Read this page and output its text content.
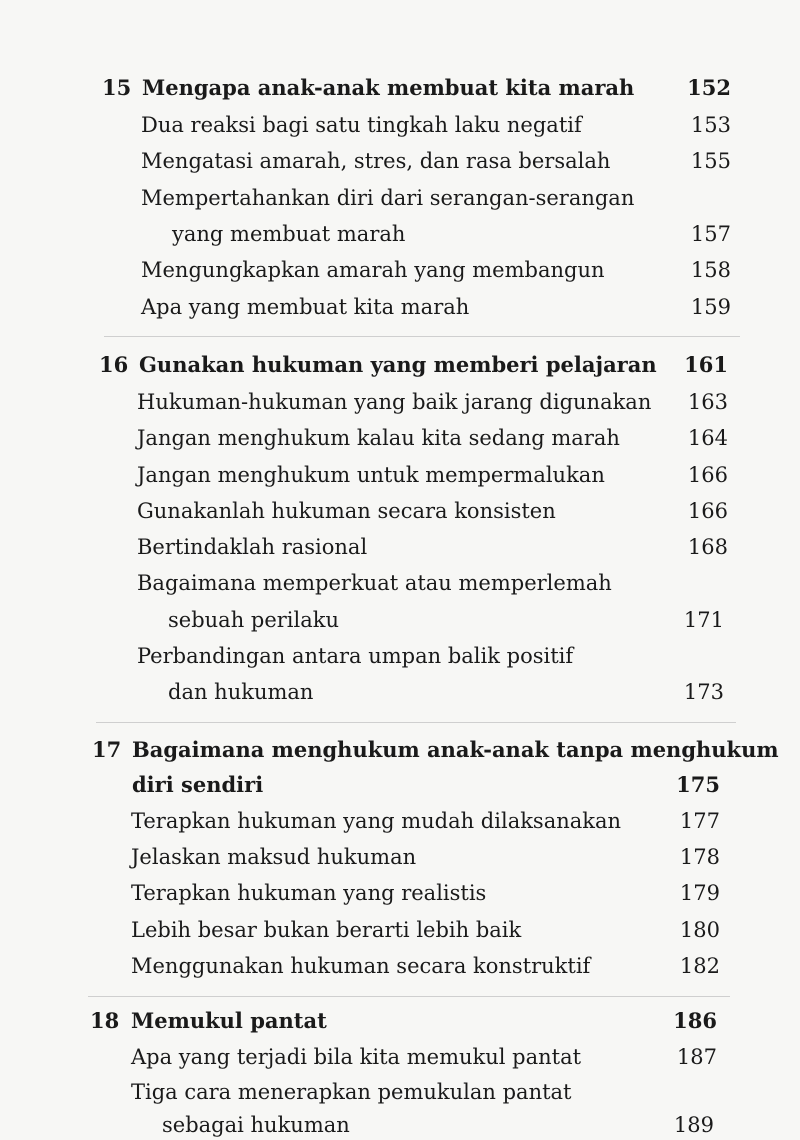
15 Mengapa anak-anak membuat kita marah	152
Dua reaksi bagi satu tingkah laku negatif	153
Mengatasi amarah, stres, dan rasa bersalah	155
Mempertahankan diri dari serangan-serangan
yang membuat marah	157
Mengungkapkan amarah yang membangun	158
Apa yang membuat kita marah	159
16 Gunakan hukuman yang memberi pelajaran	161
Hukuman-hukuman yang baik jarang digunakan	163
Jangan menghukum kalau kita sedang marah	164
Jangan menghukum untuk mempermalukan	166
Gunakanlah hukuman secara konsisten	166
Bertindaklah rasional	168
Bagaimana memperkuat atau memperlemah
sebuah perilaku	171
Perbandingan antara umpan balik positif
dan hukuman	173
17 Bagaimana menghukum anak-anak tanpa menghukum
diri sendiri	175
Terapkan hukuman yang mudah dilaksanakan	177
Jelaskan maksud hukuman	178
Terapkan hukuman yang realistis	179
Lebih besar bukan berarti lebih baik	180
Menggunakan hukuman secara konstruktif	182
18 Memukul pantat	186
Apa yang terjadi bila kita memukul pantat	187
Tiga cara menerapkan pemukulan pantat
sebagai hukuman	189
